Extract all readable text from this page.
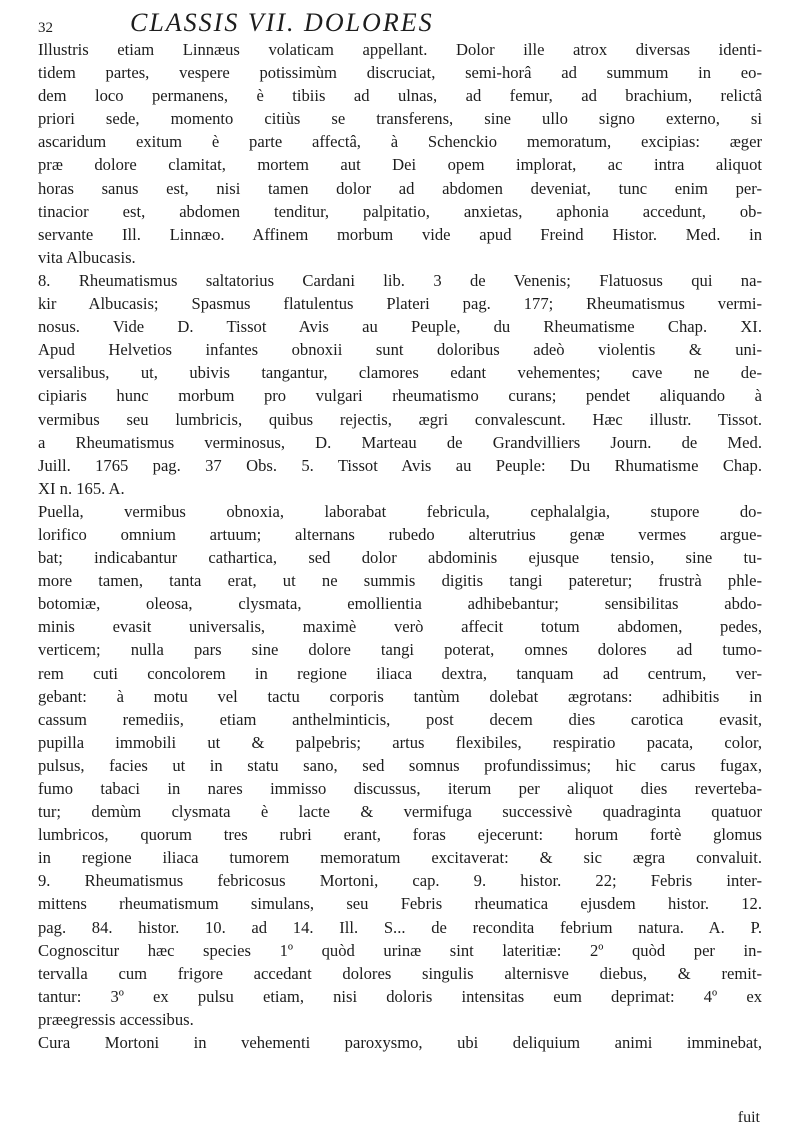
32	CLASSIS VII. DOLORES
Illustris etiam Linnæus volaticam appellant. Dolor ille atrox diversas identi-
tidem partes, vespere potissimùm discruciat, semi-horâ ad summum in eo-
dem loco permanens, è tibiis ad ulnas, ad femur, ad brachium, relictâ
priori sede, momento citiùs se transferens, sine ullo signo externo, si
ascaridum exitum è parte affectâ, à Schenckio memoratum, excipias: æger
præ dolore clamitat, mortem aut Dei opem implorat, ac intra aliquot
horas sanus est, nisi tamen dolor ad abdomen deveniat, tunc enim per-
tinacior est, abdomen tenditur, palpitatio, anxietas, aphonia accedunt, ob-
servante Ill. Linnæo. Affinem morbum vide apud Freind Histor. Med. in
vita Albucasis.
8. Rheumatismus saltatorius Cardani lib. 3 de Venenis; Flatuosus qui na-
kir Albucasis; Spasmus flatulentus Plateri pag. 177; Rheumatismus vermi-
nosus. Vide D. Tissot Avis au Peuple, du Rheumatisme Chap. XI.
Apud Helvetios infantes obnoxii sunt doloribus adeò violentis & uni-
versalibus, ut, ubivis tangantur, clamores edant vehementes; cave ne de-
cipiaris hunc morbum pro vulgari rheumatismo curans; pendet aliquando à
vermibus seu lumbricis, quibus rejectis, ægri convalescunt. Hæc illustr. Tissot.
a Rheumatismus verminosus, D. Marteau de Grandvilliers Journ. de Med.
Juill. 1765 pag. 37 Obs. 5. Tissot Avis au Peuple: Du Rhumatisme Chap.
XI n. 165. A.
Puella, vermibus obnoxia, laborabat febricula, cephalalgia, stupore do-
lorifico omnium artuum; alternans rubedo alterutrius genæ vermes argue-
bat; indicabantur cathartica, sed dolor abdominis ejusque tensio, sine tu-
more tamen, tanta erat, ut ne summis digitis tangi pateretur; frustrà phle-
botomiæ, oleosa, clysmata, emollientia adhibebantur; sensibilitas abdo-
minis evasit universalis, maximè verò affecit totum abdomen, pedes,
verticem; nulla pars sine dolore tangi poterat, omnes dolores ad tumo-
rem cuti concolorem in regione iliaca dextra, tanquam ad centrum, ver-
gebant: à motu vel tactu corporis tantùm dolebat ægrotans: adhibitis in
cassum remediis, etiam anthelminticis, post decem dies carotica evasit,
pupilla immobili ut & palpebris; artus flexibiles, respiratio pacata, color,
pulsus, facies ut in statu sano, sed somnus profundissimus; hic carus fugax,
fumo tabaci in nares immisso discussus, iterum per aliquot dies reverteba-
tur; demùm clysmata è lacte & vermifuga successivè quadraginta quatuor
lumbricos, quorum tres rubri erant, foras ejecerunt: horum fortè glomus
in regione iliaca tumorem memoratum excitaverat: & sic ægra convaluit.
9. Rheumatismus febricosus Mortoni, cap. 9. histor. 22; Febris inter-
mittens rheumatismum simulans, seu Febris rheumatica ejusdem histor. 12.
pag. 84. histor. 10. ad 14. Ill. S... de recondita febrium natura. A. P.
Cognoscitur hæc species 1º quòd urinæ sint lateritiæ: 2º quòd per in-
tervalla cum frigore accedant dolores singulis alternisve diebus, & remit-
tantur: 3º ex pulsu etiam, nisi doloris intensitas eum deprimat: 4º ex
præegressis accessibus.
Cura Mortoni in vehementi paroxysmo, ubi deliquium animi imminebat,
fuit
